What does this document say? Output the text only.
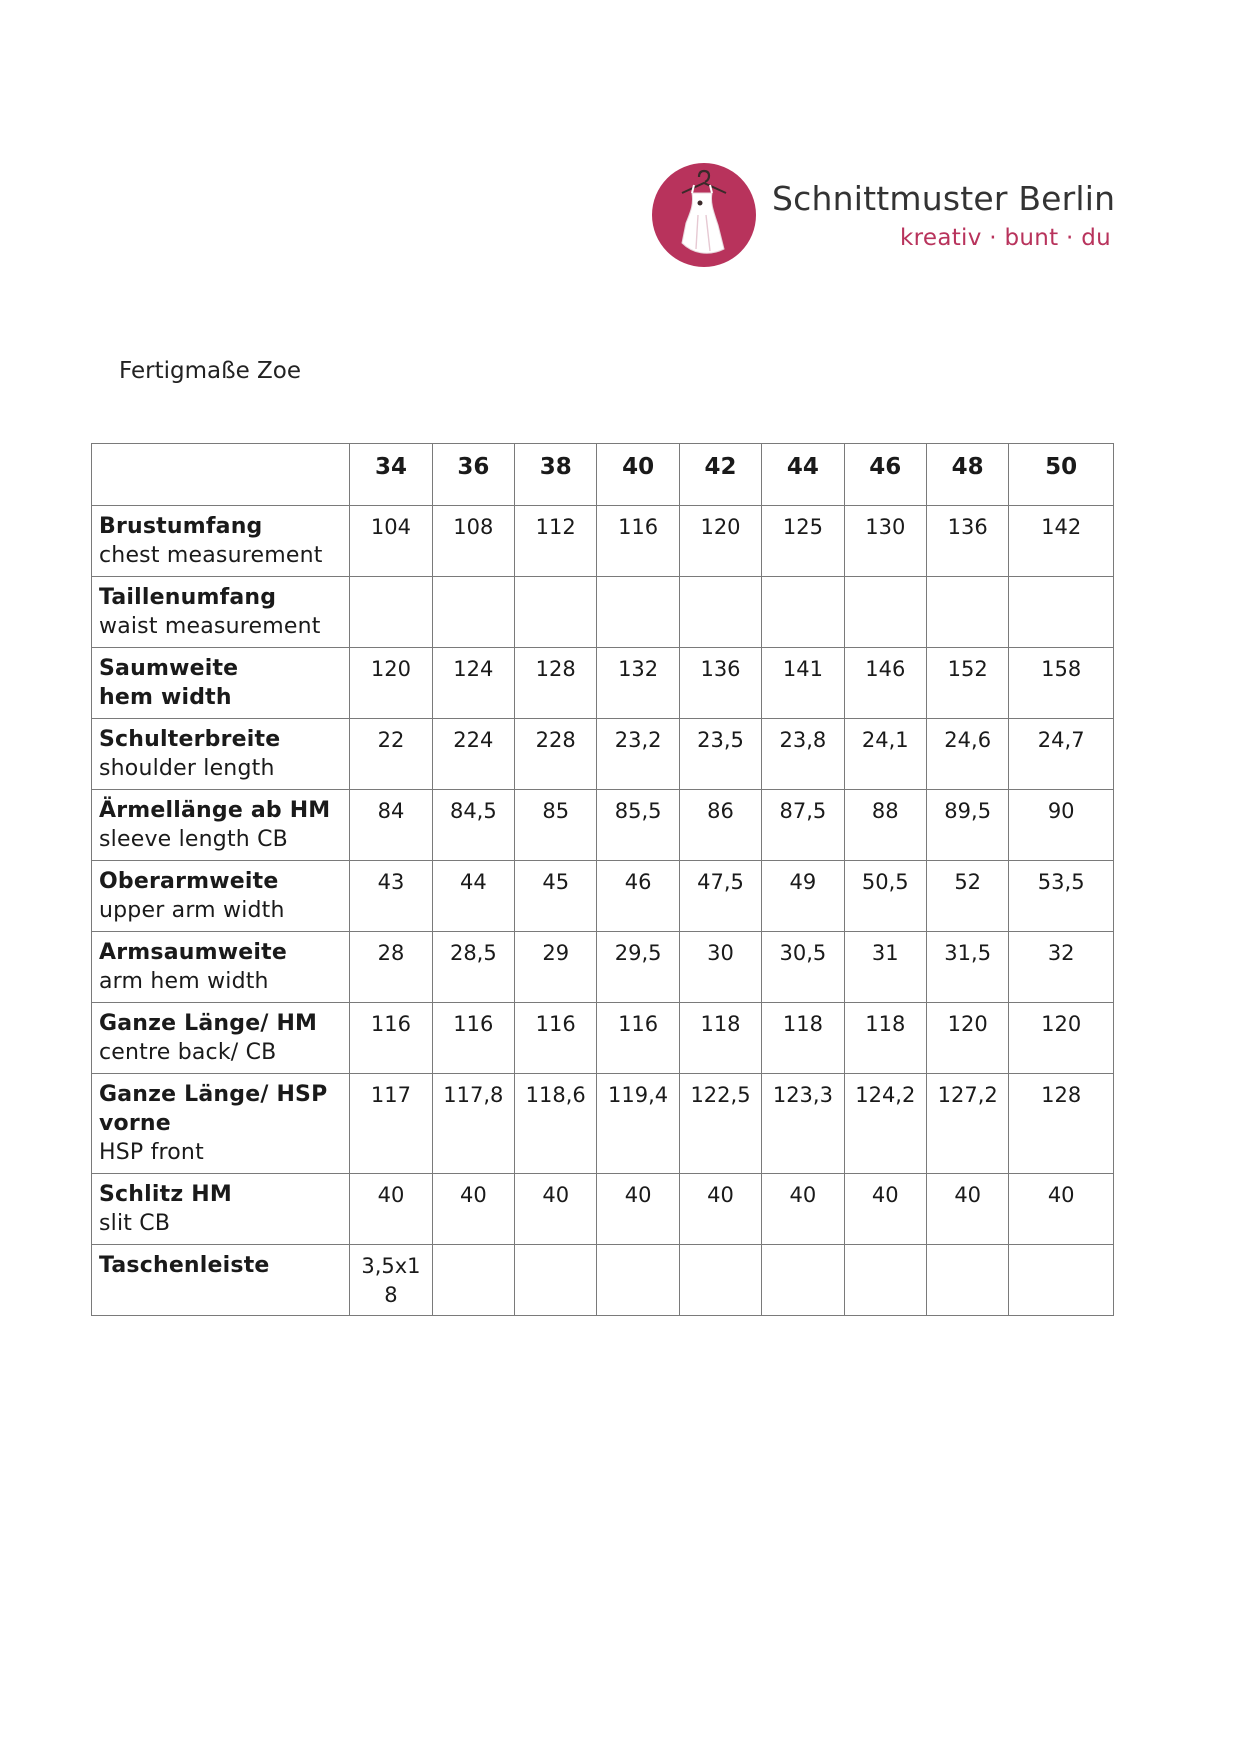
Schnittmuster Berlin
kreativ · bunt · du
Fertigmaße Zoe
	34	36	38	40	42	44	46	48	50

Brustumfang
chest measurement	104	108	112	116	120	125	130	136	142

Taillenumfang
waist measurement									

Saumweite
hem width	120	124	128	132	136	141	146	152	158

Schulterbreite
shoulder length	22	224	228	23,2	23,5	23,8	24,1	24,6	24,7

Ärmellänge ab HM
sleeve length CB	84	84,5	85	85,5	86	87,5	88	89,5	90

Oberarmweite
upper arm width	43	44	45	46	47,5	49	50,5	52	53,5

Armsaumweite
arm hem width	28	28,5	29	29,5	30	30,5	31	31,5	32

Ganze Länge/ HM
centre back/ CB	116	116	116	116	118	118	118	120	120

Ganze Länge/ HSP vorne
HSP front	117	117,8	118,6	119,4	122,5	123,3	124,2	127,2	128

Schlitz HM
slit CB	40	40	40	40	40	40	40	40	40

Taschenleiste	3,5x18								
